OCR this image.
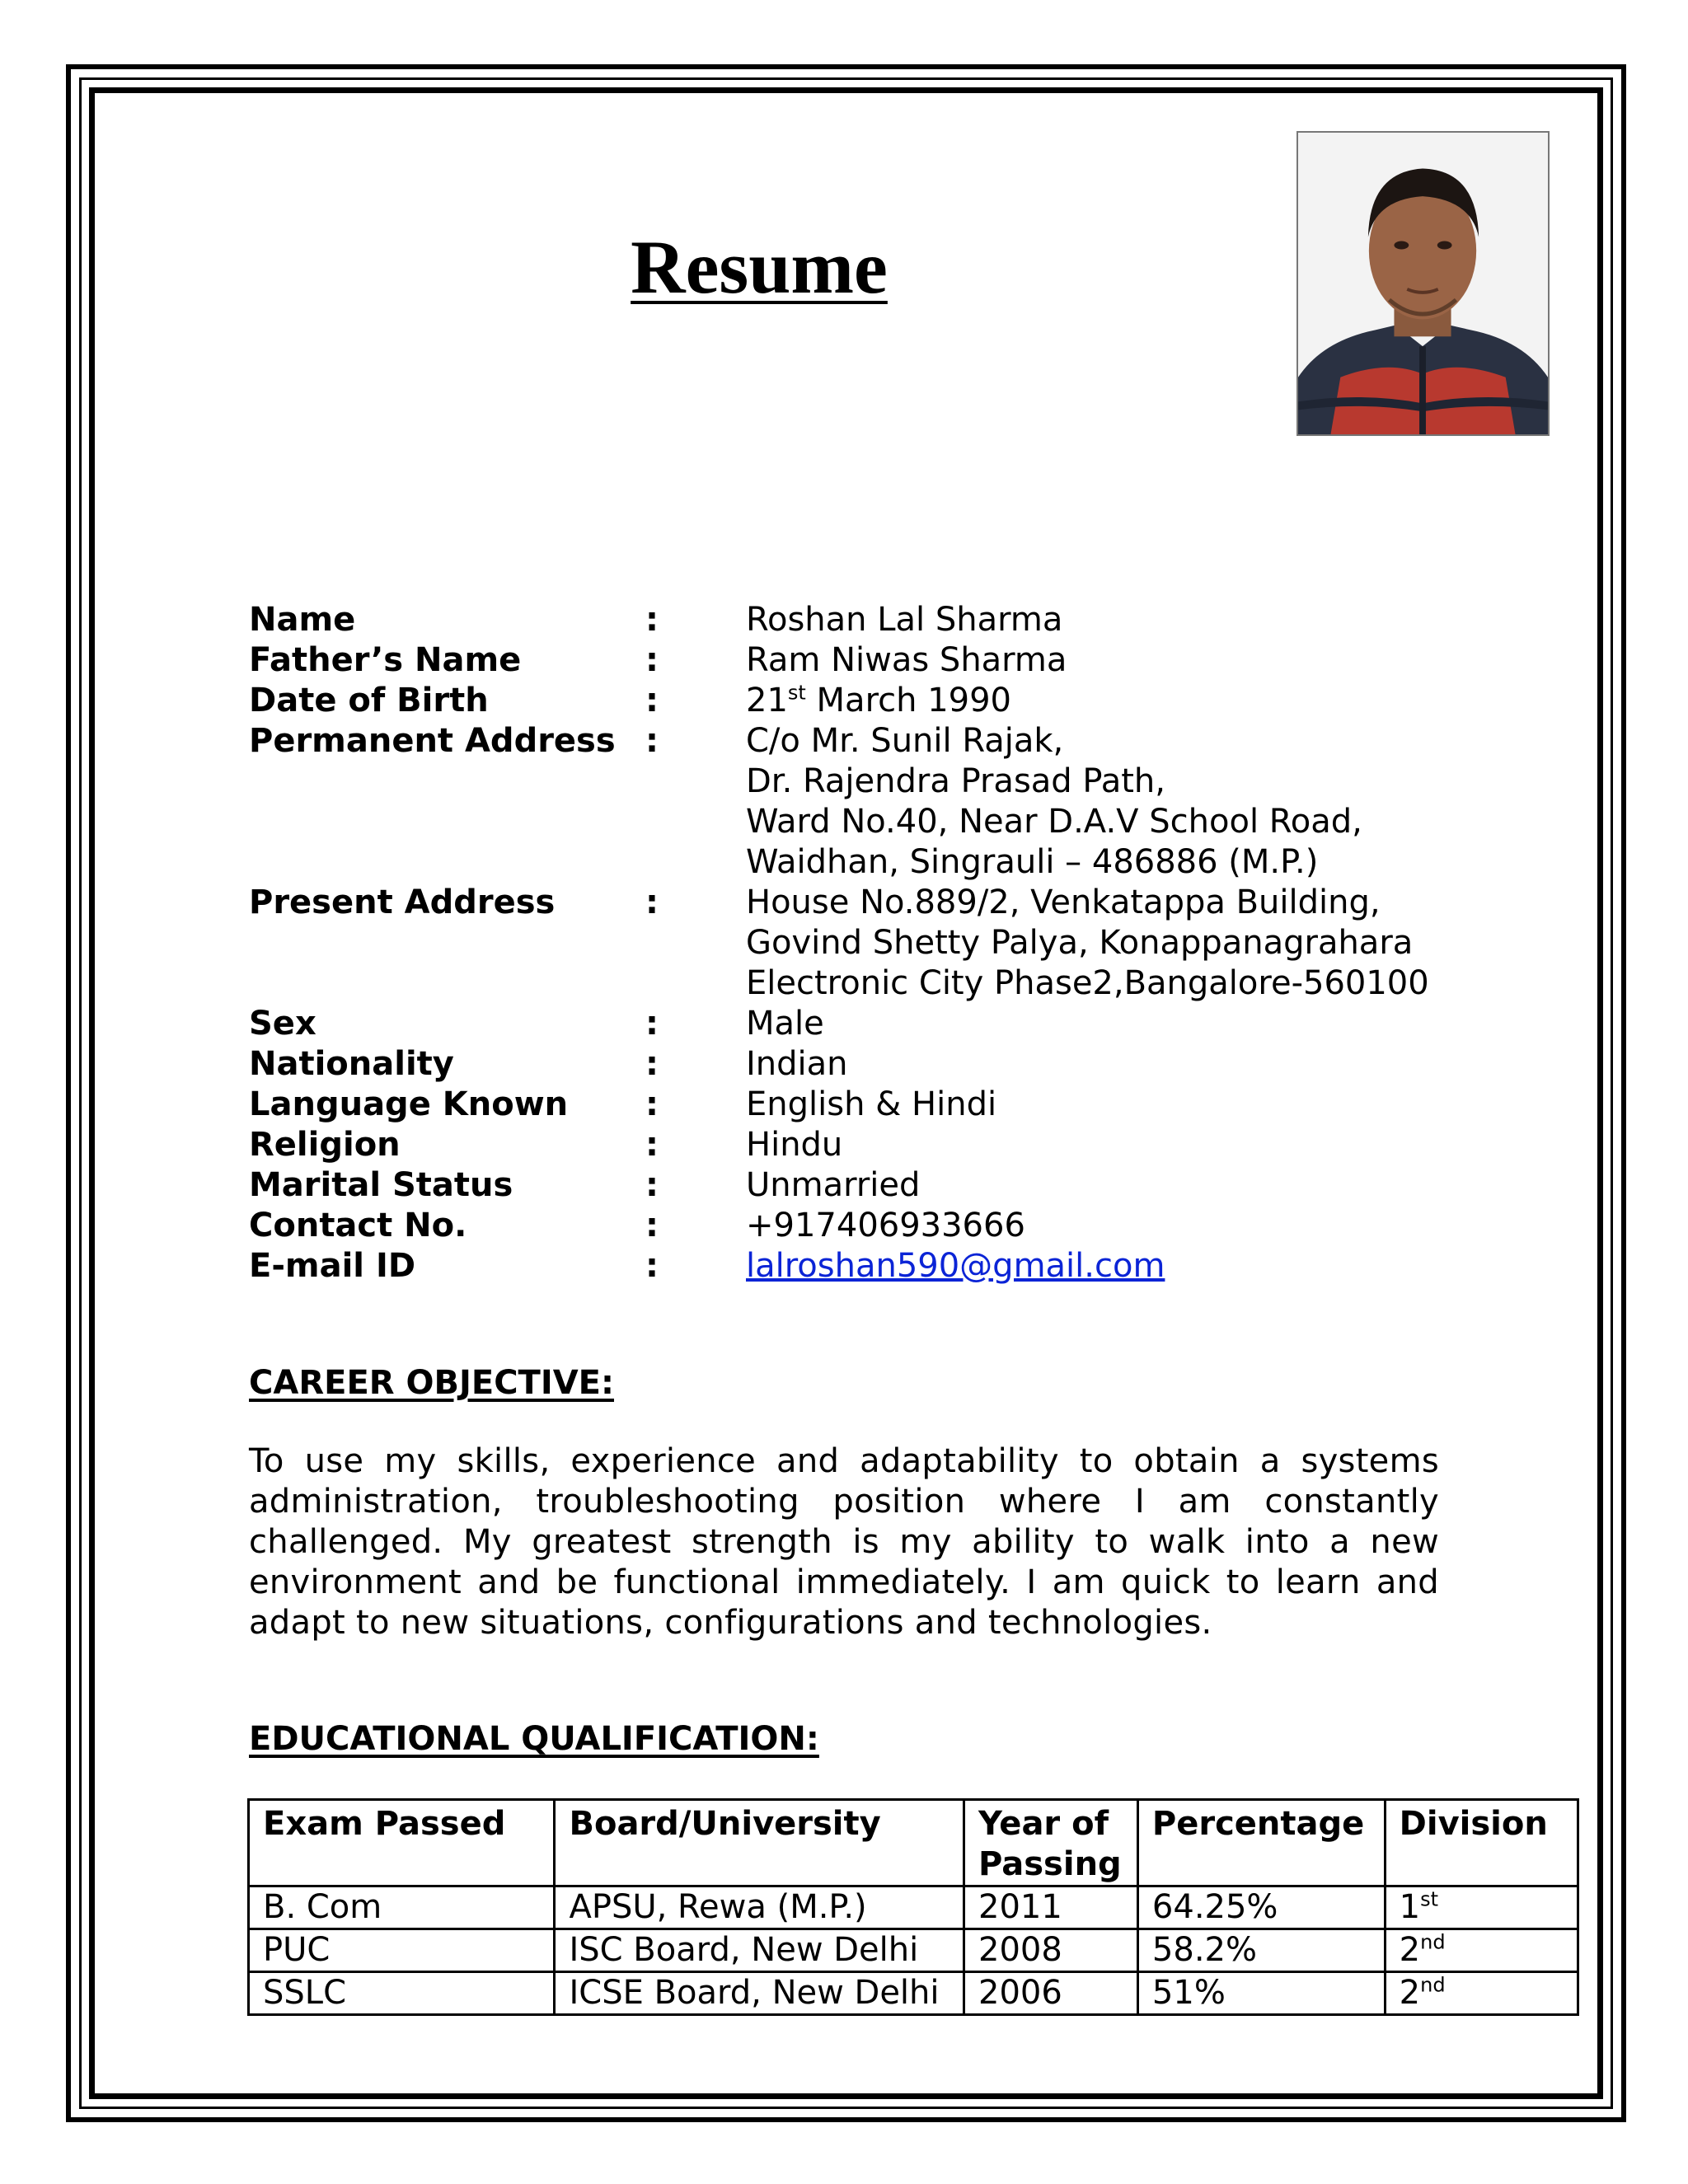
Resume
Name	:	Roshan Lal Sharma
Father’s Name	:	Ram Niwas Sharma
Date of Birth	:	21st March 1990
Permanent Address :	C/o Mr. Sunil Rajak,
Dr. Rajendra Prasad Path,
Ward No.40, Near D.A.V School Road,
Waidhan, Singrauli – 486886 (M.P.)
Present Address	:	House No.889/2, Venkatappa Building,
Govind Shetty Palya, Konappanagrahara
Electronic City Phase2,Bangalore-560100
Sex	:	Male
Nationality	:	Indian
Language Known :	English & Hindi
Religion	:	Hindu
Marital Status	:	Unmarried
Contact No.	:	+917406933666
E-mail ID	:	lalroshan590@gmail.com
CAREER OBJECTIVE:
To use my skills, experience and adaptability to obtain a systems administration, troubleshooting position where I am constantly challenged. My greatest strength is my ability to walk into a new environment and be functional immediately. I am quick to learn and adapt to new situations, configurations and technologies.
EDUCATIONAL QUALIFICATION:
Exam Passed	Board/University	Year of Passing	Percentage	Division
B. Com	APSU, Rewa (M.P.)	2011	64.25%	1st
PUC	ISC Board, New Delhi	2008	58.2%	2nd
SSLC	ICSE Board, New Delhi	2006	51%	2nd
